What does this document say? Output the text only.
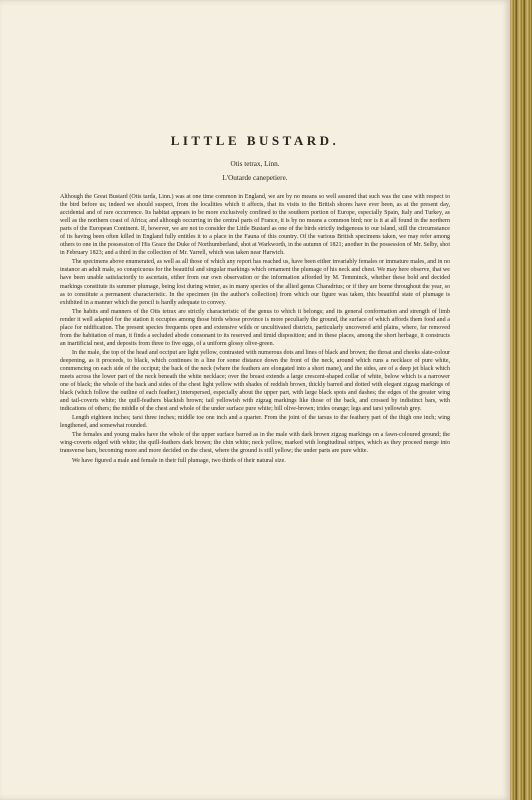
LITTLE BUSTARD.

Otis tetrax, Linn.

L'Outarde canepetiere.

Although the Great Bustard (Otis tarda, Linn.) was at one time common in England, we are by no means so well assured that such was the case with respect to the bird before us; indeed we should suspect, from the localities which it affects, that its visits to the British shores have ever been, as at the present day, accidental and of rare occurrence. Its habitat appears to be more exclusively confined to the southern portion of Europe, especially Spain, Italy and Turkey, as well as the northern coast of Africa; and although occurring in the central parts of France, it is by no means a common bird; nor is it at all found in the northern parts of the European Continent. If, however, we are not to consider the Little Bustard as one of the birds strictly indigenous to our island, still the circumstance of its having been often killed in England fully entitles it to a place in the Fauna of this country. Of the various British specimens taken, we may refer among others to one in the possession of His Grace the Duke of Northumberland, shot at Warkworth, in the autumn of 1821; another in the possession of Mr. Selby, shot in February 1823; and a third in the collection of Mr. Yarrell, which was taken near Harwich.

The specimens above enumerated, as well as all those of which any report has reached us, have been either invariably females or immature males, and in no instance an adult male, so conspicuous for the beautiful and singular markings which ornament the plumage of his neck and chest. We may here observe, that we have been unable satisfactorily to ascertain, either from our own observation or the information afforded by M. Temminck, whether these bold and decided markings constitute its summer plumage, being lost during winter, as in many species of the allied genus Charadrius; or if they are borne throughout the year, so as to constitute a permanent characteristic. In the specimen (in the author's collection) from which our figure was taken, this beautiful state of plumage is exhibited in a manner which the pencil is hardly adequate to convey.

The habits and manners of the Otis tetrax are strictly characteristic of the genus to which it belongs; and its general conformation and strength of limb render it well adapted for the station it occupies among those birds whose province is more peculiarly the ground, the surface of which affords them food and a place for nidification. The present species frequents open and extensive wilds or uncultivated districts, particularly uncovered arid plains, where, far removed from the habitation of man, it finds a secluded abode consonant to its reserved and timid disposition; and in these places, among the short herbage, it constructs an inartificial nest, and deposits from three to five eggs, of a uniform glossy olive-green.

In the male, the top of the head and occiput are light yellow, contrasted with numerous dots and lines of black and brown; the throat and cheeks slate-colour deepening, as it proceeds, to black, which continues in a line for some distance down the front of the neck, around which runs a necklace of pure white, commencing on each side of the occiput; the back of the neck (where the feathers are elongated into a short mane), and the sides, are of a deep jet black which meets across the lower part of the neck beneath the white necklace; over the breast extends a large crescent-shaped collar of white, below which is a narrower one of black; the whole of the back and sides of the chest light yellow with shades of reddish brown, thickly barred and dotted with elegant zigzag markings of black (which follow the outline of each feather,) interspersed, especially about the upper part, with large black spots and dashes; the edges of the greater wing and tail-coverts white; the quill-feathers blackish brown; tail yellowish with zigzag markings like those of the back, and crossed by indistinct bars, with indications of others; the middle of the chest and whole of the under surface pure white; bill olive-brown; irides orange; legs and tarsi yellowish grey.

Length eighteen inches; tarsi three inches; middle toe one inch and a quarter. From the joint of the tarsus to the feathery part of the thigh one inch; wing lengthened, and somewhat rounded.

The females and young males have the whole of the upper surface barred as in the male with dark brown zigzag markings on a fawn-coloured ground; the wing-coverts edged with white; the quill-feathers dark brown; the chin white; neck yellow, marked with longitudinal stripes, which as they proceed merge into transverse bars, becoming more and more decided on the chest, where the ground is still yellow; the under parts are pure white.

We have figured a male and female in their full plumage, two thirds of their natural size.
